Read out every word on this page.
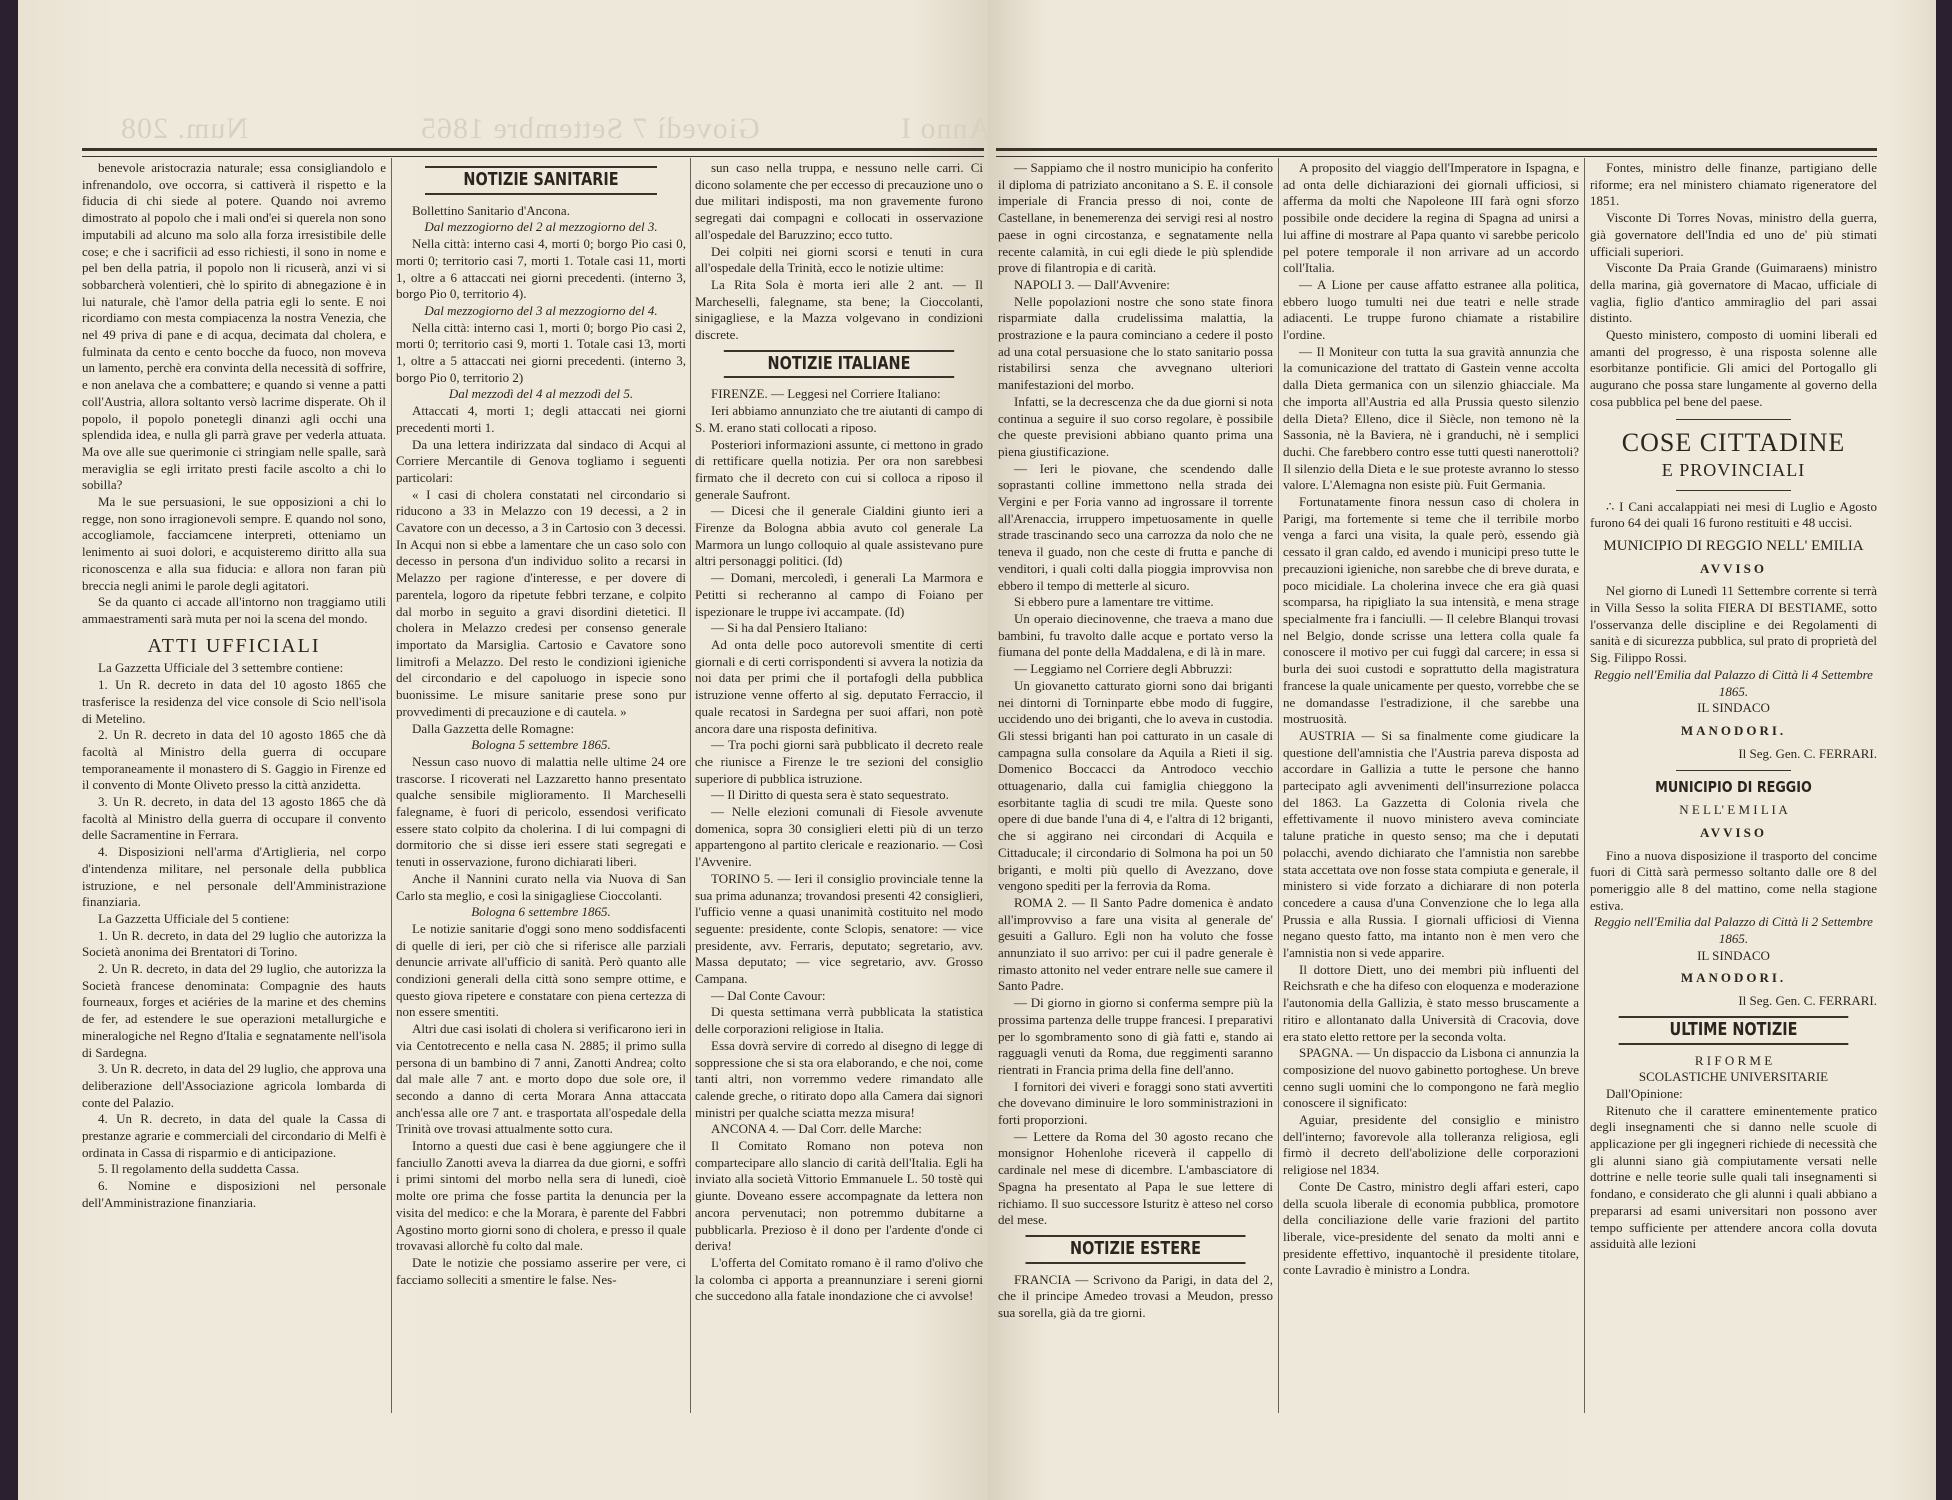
Num. 208	Giovedì 7 Settembre 1865	Anno I

benevole aristocrazia naturale; essa consigliandolo e infrenandolo, ove occorra, si cattiverà il rispetto e la fiducia di chi siede al potere. Quando noi avremo dimostrato al popolo che i mali ond'ei si querela non sono imputabili ad alcuno ma solo alla forza irresistibile delle cose; e che i sacrificii ad esso richiesti, il sono in nome e pel ben della patria, il popolo non li ricuserà, anzi vi si sobbarcherà volentieri, chè lo spirito di abnegazione è in lui naturale, chè l'amor della patria egli lo sente. E noi ricordiamo con mesta compiacenza la nostra Venezia, che nel 49 priva di pane e di acqua, decimata dal cholera, e fulminata da cento e cento bocche da fuoco, non moveva un lamento, perchè era convinta della necessità di soffrire, e non anelava che a combattere; e quando si venne a patti coll'Austria, allora soltanto versò lacrime disperate. Oh il popolo, il popolo ponetegli dinanzi agli occhi una splendida idea, e nulla gli parrà grave per vederla attuata. Ma ove alle sue querimonie ci stringiam nelle spalle, sarà meraviglia se egli irritato presti facile ascolto a chi lo sobilla?

Ma le sue persuasioni, le sue opposizioni a chi lo regge, non sono irragionevoli sempre. E quando nol sono, accogliamole, facciamcene interpreti, otteniamo un lenimento ai suoi dolori, e acquisteremo diritto alla sua riconoscenza e alla sua fiducia: e allora non faran più breccia negli animi le parole degli agitatori.

Se da quanto ci accade all'intorno non traggiamo utili ammaestramenti sarà muta per noi la scena del mondo.

ATTI UFFICIALI

La Gazzetta Ufficiale del 3 settembre contiene:

1. Un R. decreto in data del 10 agosto 1865 che trasferisce la residenza del vice console di Scio nell'isola di Metelino.

2. Un R. decreto in data del 10 agosto 1865 che dà facoltà al Ministro della guerra di occupare temporaneamente il monastero di S. Gaggio in Firenze ed il convento di Monte Oliveto presso la città anzidetta.

3. Un R. decreto, in data del 13 agosto 1865 che dà facoltà al Ministro della guerra di occupare il convento delle Sacramentine in Ferrara.

4. Disposizioni nell'arma d'Artiglieria, nel corpo d'intendenza militare, nel personale della pubblica istruzione, e nel personale dell'Amministrazione finanziaria.

La Gazzetta Ufficiale del 5 contiene:

1. Un R. decreto, in data del 29 luglio che autorizza la Società anonima dei Brentatori di Torino.

2. Un R. decreto, in data del 29 luglio, che autorizza la Società francese denominata: Compagnie des hauts fourneaux, forges et aciéries de la marine et des chemins de fer, ad estendere le sue operazioni metallurgiche e mineralogiche nel Regno d'Italia e segnatamente nell'isola di Sardegna.

3. Un R. decreto, in data del 29 luglio, che approva una deliberazione dell'Associazione agricola lombarda di conte del Palazio.

4. Un R. decreto, in data del quale la Cassa di prestanze agrarie e commerciali del circondario di Melfi è ordinata in Cassa di risparmio e di anticipazione.

5. Il regolamento della suddetta Cassa.

6. Nomine e disposizioni nel personale dell'Amministrazione finanziaria.

NOTIZIE SANITARIE

Bollettino Sanitario d'Ancona.

Dal mezzogiorno del 2 al mezzogiorno del 3.

Nella città: interno casi 4, morti 0; borgo Pio casi 0, morti 0; territorio casi 7, morti 1. Totale casi 11, morti 1, oltre a 6 attaccati nei giorni precedenti. (interno 3, borgo Pio 0, territorio 4).

Dal mezzogiorno del 3 al mezzogiorno del 4.

Nella città: interno casi 1, morti 0; borgo Pio casi 2, morti 0; territorio casi 9, morti 1. Totale casi 13, morti 1, oltre a 5 attaccati nei giorni precedenti. (interno 3, borgo Pio 0, territorio 2)

Dal mezzodì del 4 al mezzodì del 5.

Attaccati 4, morti 1; degli attaccati nei giorni precedenti morti 1.

Da una lettera indirizzata dal sindaco di Acqui al Corriere Mercantile di Genova togliamo i seguenti particolari:

« I casi di cholera constatati nel circondario si riducono a 33 in Melazzo con 19 decessi, a 2 in Cavatore con un decesso, a 3 in Cartosio con 3 decessi. In Acqui non si ebbe a lamentare che un caso solo con decesso in persona d'un individuo solito a recarsi in Melazzo per ragione d'interesse, e per dovere di parentela, logoro da ripetute febbri terzane, e colpito dal morbo in seguito a gravi disordini dietetici. Il cholera in Melazzo credesi per consenso generale importato da Marsiglia. Cartosio e Cavatore sono limitrofi a Melazzo. Del resto le condizioni igieniche del circondario e del capoluogo in ispecie sono buonissime. Le misure sanitarie prese sono pur provvedimenti di precauzione e di cautela. »

Dalla Gazzetta delle Romagne:

Bologna 5 settembre 1865.

Nessun caso nuovo di malattia nelle ultime 24 ore trascorse. I ricoverati nel Lazzaretto hanno presentato qualche sensibile miglioramento. Il Marcheselli falegname, è fuori di pericolo, essendosi verificato essere stato colpito da cholerina. I di lui compagni di dormitorio che si disse ieri essere stati segregati e tenuti in osservazione, furono dichiarati liberi.

Anche il Nannini curato nella via Nuova di San Carlo sta meglio, e così la sinigagliese Cioccolanti.

Bologna 6 settembre 1865.

Le notizie sanitarie d'oggi sono meno soddisfacenti di quelle di ieri, per ciò che si riferisce alle parziali denuncie arrivate all'ufficio di sanità. Però quanto alle condizioni generali della città sono sempre ottime, e questo giova ripetere e constatare con piena certezza di non essere smentiti.

Altri due casi isolati di cholera si verificarono ieri in via Centotrecento e nella casa N. 2885; il primo sulla persona di un bambino di 7 anni, Zanotti Andrea; colto dal male alle 7 ant. e morto dopo due sole ore, il secondo a danno di certa Morara Anna attaccata anch'essa alle ore 7 ant. e trasportata all'ospedale della Trinità ove trovasi attualmente sotto cura.

Intorno a questi due casi è bene aggiungere che il fanciullo Zanotti aveva la diarrea da due giorni, e soffrì i primi sintomi del morbo nella sera di lunedì, cioè molte ore prima che fosse partita la denuncia per la visita del medico: e che la Morara, è parente del Fabbri Agostino morto giorni sono di cholera, e presso il quale trovavasi allorchè fu colto dal male.

Date le notizie che possiamo asserire per vere, ci facciamo solleciti a smentire le false. Nes-

sun caso nella truppa, e nessuno nelle carri. Ci dicono solamente che per eccesso di precauzione uno o due militari indisposti, ma non gravemente furono segregati dai compagni e collocati in osservazione all'ospedale del Baruzzino; ecco tutto.

Dei colpiti nei giorni scorsi e tenuti in cura all'ospedale della Trinità, ecco le notizie ultime:

La Rita Sola è morta ieri alle 2 ant. — Il Marcheselli, falegname, sta bene; la Cioccolanti, sinigagliese, e la Mazza volgevano in condizioni discrete.

NOTIZIE ITALIANE

FIRENZE. — Leggesi nel Corriere Italiano:

Ieri abbiamo annunziato che tre aiutanti di campo di S. M. erano stati collocati a riposo.

Posteriori informazioni assunte, ci mettono in grado di rettificare quella notizia. Per ora non sarebbesi firmato che il decreto con cui si colloca a riposo il generale Saufront.

— Dicesi che il generale Cialdini giunto ieri a Firenze da Bologna abbia avuto col generale La Marmora un lungo colloquio al quale assistevano pure altri personaggi politici. (Id)

— Domani, mercoledì, i generali La Marmora e Petitti si recheranno al campo di Foiano per ispezionare le truppe ivi accampate. (Id)

— Si ha dal Pensiero Italiano:

Ad onta delle poco autorevoli smentite di certi giornali e di certi corrispondenti si avvera la notizia da noi data per primi che il portafogli della pubblica istruzione venne offerto al sig. deputato Ferraccio, il quale recatosi in Sardegna per suoi affari, non potè ancora dare una risposta definitiva.

— Tra pochi giorni sarà pubblicato il decreto reale che riunisce a Firenze le tre sezioni del consiglio superiore di pubblica istruzione.

— Il Diritto di questa sera è stato sequestrato.

— Nelle elezioni comunali di Fiesole avvenute domenica, sopra 30 consiglieri eletti più di un terzo appartengono al partito clericale e reazionario. — Così l'Avvenire.

TORINO 5. — Ieri il consiglio provinciale tenne la sua prima adunanza; trovandosi presenti 42 consiglieri, l'ufficio venne a quasi unanimità costituito nel modo seguente: presidente, conte Sclopis, senatore: — vice presidente, avv. Ferraris, deputato; segretario, avv. Massa deputato; — vice segretario, avv. Grosso Campana.

— Dal Conte Cavour:

Di questa settimana verrà pubblicata la statistica delle corporazioni religiose in Italia.

Essa dovrà servire di corredo al disegno di legge di soppressione che si sta ora elaborando, e che noi, come tanti altri, non vorremmo vedere rimandato alle calende greche, o ritirato dopo alla Camera dai signori ministri per qualche sciatta mezza misura!

ANCONA 4. — Dal Corr. delle Marche:

Il Comitato Romano non poteva non compartecipare allo slancio di carità dell'Italia. Egli ha inviato alla società Vittorio Emmanuele L. 50 tostè qui giunte. Doveano essere accompagnate da lettera non ancora pervenutaci; non potremmo dubitarne a pubblicarla. Prezioso è il dono per l'ardente d'onde ci deriva!

L'offerta del Comitato romano è il ramo d'olivo che la colomba ci apporta a preannunziare i sereni giorni che succedono alla fatale inondazione che ci avvolse!

— Sappiamo che il nostro municipio ha conferito il diploma di patriziato anconitano a S. E. il console imperiale di Francia presso di noi, conte de Castellane, in benemerenza dei servigi resi al nostro paese in ogni circostanza, e segnatamente nella recente calamità, in cui egli diede le più splendide prove di filantropia e di carità.

NAPOLI 3. — Dall'Avvenire:

Nelle popolazioni nostre che sono state finora risparmiate dalla crudelissima malattia, la prostrazione e la paura cominciano a cedere il posto ad una cotal persuasione che lo stato sanitario possa ristabilirsi senza che avvegnano ulteriori manifestazioni del morbo.

Infatti, se la decrescenza che da due giorni si nota continua a seguire il suo corso regolare, è possibile che queste previsioni abbiano quanto prima una piena giustificazione.

— Ieri le piovane, che scendendo dalle soprastanti colline immettono nella strada dei Vergini e per Foria vanno ad ingrossare il torrente all'Arenaccia, irruppero impetuosamente in quelle strade trascinando seco una carrozza da nolo che ne teneva il guado, non che ceste di frutta e panche di venditori, i quali colti dalla pioggia improvvisa non ebbero il tempo di metterle al sicuro.

Si ebbero pure a lamentare tre vittime.

Un operaio diecinovenne, che traeva a mano due bambini, fu travolto dalle acque e portato verso la fiumana del ponte della Maddalena, e di là in mare.

— Leggiamo nel Corriere degli Abbruzzi:

Un giovanetto catturato giorni sono dai briganti nei dintorni di Torninparte ebbe modo di fuggire, uccidendo uno dei briganti, che lo aveva in custodia. Gli stessi briganti han poi catturato in un casale di campagna sulla consolare da Aquila a Rieti il sig. Domenico Boccacci da Antrodoco vecchio ottuagenario, dalla cui famiglia chieggono la esorbitante taglia di scudi tre mila. Queste sono opere di due bande l'una di 4, e l'altra di 12 briganti, che si aggirano nei circondari di Acquila e Cittaducale; il circondario di Solmona ha poi un 50 briganti, e molti più quello di Avezzano, dove vengono spediti per la ferrovia da Roma.

ROMA 2. — Il Santo Padre domenica è andato all'improvviso a fare una visita al generale de' gesuiti a Galluro. Egli non ha voluto che fosse annunziato il suo arrivo: per cui il padre generale è rimasto attonito nel veder entrare nelle sue camere il Santo Padre.

— Di giorno in giorno si conferma sempre più la prossima partenza delle truppe francesi. I preparativi per lo sgombramento sono di già fatti e, stando ai ragguagli venuti da Roma, due reggimenti saranno rientrati in Francia prima della fine dell'anno.

I fornitori dei viveri e foraggi sono stati avvertiti che dovevano diminuire le loro somministrazioni in forti proporzioni.

— Lettere da Roma del 30 agosto recano che monsignor Hohenlohe riceverà il cappello di cardinale nel mese di dicembre. L'ambasciatore di Spagna ha presentato al Papa le sue lettere di richiamo. Il suo successore Isturitz è atteso nel corso del mese.

NOTIZIE ESTERE

FRANCIA — Scrivono da Parigi, in data del 2, che il principe Amedeo trovasi a Meudon, presso sua sorella, già da tre giorni.

A proposito del viaggio dell'Imperatore in Ispagna, e ad onta delle dichiarazioni dei giornali ufficiosi, si afferma da molti che Napoleone III farà ogni sforzo possibile onde decidere la regina di Spagna ad unirsi a lui affine di mostrare al Papa quanto vi sarebbe pericolo pel potere temporale il non arrivare ad un accordo coll'Italia.

— A Lione per cause affatto estranee alla politica, ebbero luogo tumulti nei due teatri e nelle strade adiacenti. Le truppe furono chiamate a ristabilire l'ordine.

— Il Moniteur con tutta la sua gravità annunzia che la comunicazione del trattato di Gastein venne accolta dalla Dieta germanica con un silenzio ghiacciale. Ma che importa all'Austria ed alla Prussia questo silenzio della Dieta? Elleno, dice il Siècle, non temono nè la Sassonia, nè la Baviera, nè i granduchi, nè i semplici duchi. Che farebbero contro esse tutti questi nanerottoli? Il silenzio della Dieta e le sue proteste avranno lo stesso valore. L'Alemagna non esiste più. Fuit Germania.

Fortunatamente finora nessun caso di cholera in Parigi, ma fortemente si teme che il terribile morbo venga a farci una visita, la quale però, essendo già cessato il gran caldo, ed avendo i municipi preso tutte le precauzioni igieniche, non sarebbe che di breve durata, e poco micidiale. La cholerina invece che era già quasi scomparsa, ha ripigliato la sua intensità, e mena strage specialmente fra i fanciulli. — Il celebre Blanqui trovasi nel Belgio, donde scrisse una lettera colla quale fa conoscere il motivo per cui fuggì dal carcere; in essa si burla dei suoi custodi e soprattutto della magistratura francese la quale unicamente per questo, vorrebbe che se ne domandasse l'estradizione, il che sarebbe una mostruosità.

AUSTRIA — Si sa finalmente come giudicare la questione dell'amnistia che l'Austria pareva disposta ad accordare in Gallizia a tutte le persone che hanno partecipato agli avvenimenti dell'insurrezione polacca del 1863. La Gazzetta di Colonia rivela che effettivamente il nuovo ministero aveva cominciate talune pratiche in questo senso; ma che i deputati polacchi, avendo dichiarato che l'amnistia non sarebbe stata accettata ove non fosse stata compiuta e generale, il ministero si vide forzato a dichiarare di non poterla concedere a causa d'una Convenzione che lo lega alla Prussia e alla Russia. I giornali ufficiosi di Vienna negano questo fatto, ma intanto non è men vero che l'amnistia non si vede apparire.

Il dottore Diett, uno dei membri più influenti del Reichsrath e che ha difeso con eloquenza e moderazione l'autonomia della Gallizia, è stato messo bruscamente a ritiro e allontanato dalla Università di Cracovia, dove era stato eletto rettore per la seconda volta.

SPAGNA. — Un dispaccio da Lisbona ci annunzia la composizione del nuovo gabinetto portoghese. Un breve cenno sugli uomini che lo compongono ne farà meglio conoscere il significato:

Aguiar, presidente del consiglio e ministro dell'interno; favorevole alla tolleranza religiosa, egli firmò il decreto dell'abolizione delle corporazioni religiose nel 1834.

Conte De Castro, ministro degli affari esteri, capo della scuola liberale di economia pubblica, promotore della conciliazione delle varie frazioni del partito liberale, vice-presidente del senato da molti anni e presidente effettivo, inquantochè il presidente titolare, conte Lavradio è ministro a Londra.

Fontes, ministro delle finanze, partigiano delle riforme; era nel ministero chiamato rigeneratore del 1851.

Visconte Di Torres Novas, ministro della guerra, già governatore dell'India ed uno de' più stimati ufficiali superiori.

Visconte Da Praia Grande (Guimaraens) ministro della marina, già governatore di Macao, ufficiale di vaglia, figlio d'antico ammiraglio del pari assai distinto.

Questo ministero, composto di uomini liberali ed amanti del progresso, è una risposta solenne alle esorbitanze pontificie. Gli amici del Portogallo gli augurano che possa stare lungamente al governo della cosa pubblica pel bene del paese.

COSE CITTADINE
E PROVINCIALI

∴ I Cani accalappiati nei mesi di Luglio e Agosto furono 64 dei quali 16 furono restituiti e 48 uccisi.

MUNICIPIO DI REGGIO NELL' EMILIA
AVVISO

Nel giorno di Lunedì 11 Settembre corrente si terrà in Villa Sesso la solita FIERA DI BESTIAME, sotto l'osservanza delle discipline e dei Regolamenti di sanità e di sicurezza pubblica, sul prato di proprietà del Sig. Filippo Rossi.

Reggio nell'Emilia dal Palazzo di Città li 4 Settembre 1865.
IL SINDACO
MANODORI.
Il Seg. Gen. C. FERRARI.
MUNICIPIO DI REGGIO
N E L L' E M I L I A
AVVISO

Fino a nuova disposizione il trasporto del concime fuori di Città sarà permesso soltanto dalle ore 8 del pomeriggio alle 8 del mattino, come nella stagione estiva.

Reggio nell'Emilia dal Palazzo di Città li 2 Settembre 1865.
IL SINDACO
MANODORI.
Il Seg. Gen. C. FERRARI.
ULTIME NOTIZIE
R I F O R M E
SCOLASTICHE UNIVERSITARIE

Dall'Opinione:

Ritenuto che il carattere eminentemente pratico degli insegnamenti che si danno nelle scuole di applicazione per gli ingegneri richiede di necessità che gli alunni siano già compiutamente versati nelle dottrine e nelle teorie sulle quali tali insegnamenti si fondano, e considerato che gli alunni i quali abbiano a prepararsi ad esami universitari non possono aver tempo sufficiente per attendere ancora colla dovuta assiduità alle lezioni
